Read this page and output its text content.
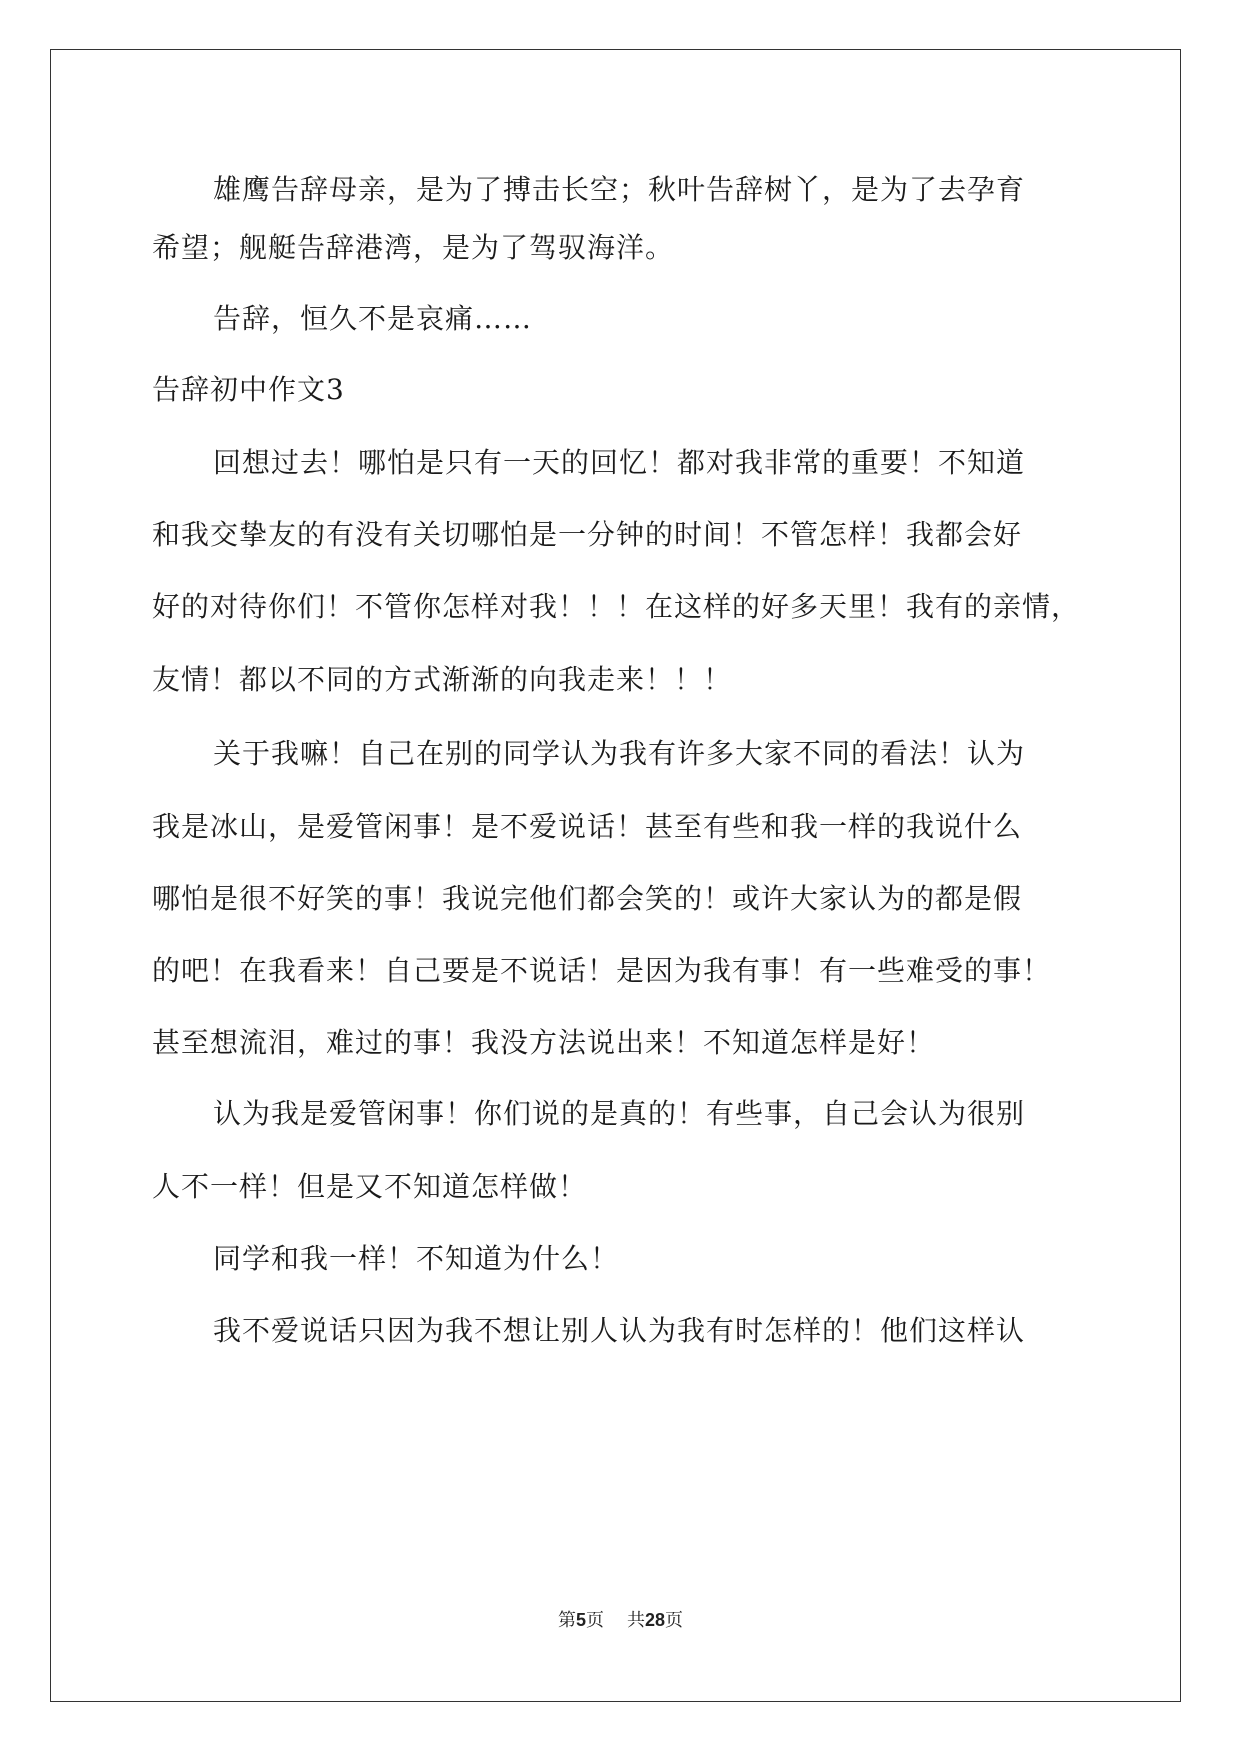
雄鹰告辞母亲，是为了搏击长空；秋叶告辞树丫，是为了去孕育
希望；舰艇告辞港湾，是为了驾驭海洋。
告辞，恒久不是哀痛……
告辞初中作文3
回想过去！哪怕是只有一天的回忆！都对我非常的重要！不知道
和我交挚友的有没有关切哪怕是一分钟的时间！不管怎样！我都会好
好的对待你们！不管你怎样对我！！！在这样的好多天里！我有的亲情，
友情！都以不同的方式渐渐的向我走来！！！
关于我嘛！自己在别的同学认为我有许多大家不同的看法！认为
我是冰山，是爱管闲事！是不爱说话！甚至有些和我一样的我说什么
哪怕是很不好笑的事！我说完他们都会笑的！或许大家认为的都是假
的吧！在我看来！自己要是不说话！是因为我有事！有一些难受的事！
甚至想流泪，难过的事！我没方法说出来！不知道怎样是好！
认为我是爱管闲事！你们说的是真的！有些事，自己会认为很别
人不一样！但是又不知道怎样做！
同学和我一样！不知道为什么！
我不爱说话只因为我不想让别人认为我有时怎样的！他们这样认
第5页 共28页
